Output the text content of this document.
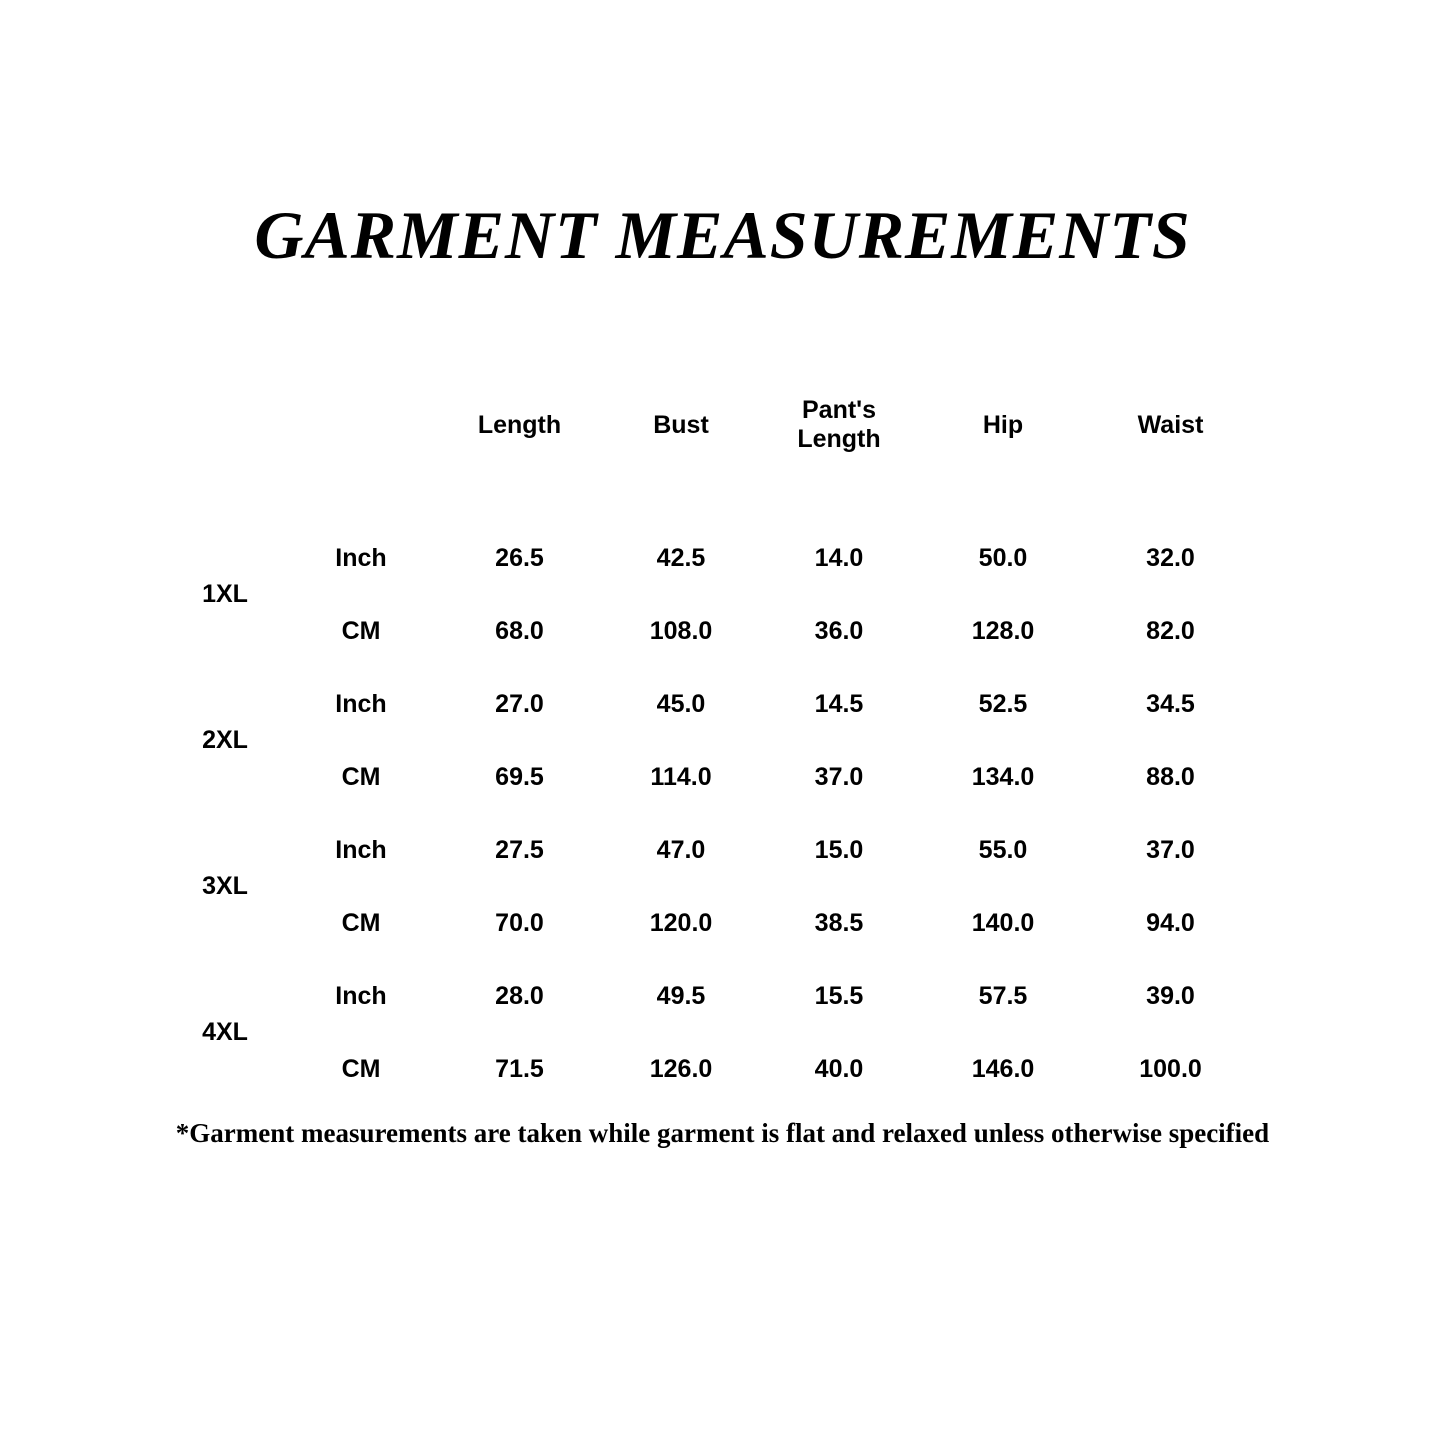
GARMENT MEASUREMENTS
Unit: $\frac{\text{Inch}}{CM}$		Length	Bust	Pant's Length	Hip	Waist
1XL	Inch	26.5	42.5	14.0	50.0	32.0
	CM	68.0	108.0	36.0	128.0	82.0
2XL	Inch	27.0	45.0	14.5	52.5	34.5
	CM	69.5	114.0	37.0	134.0	88.0
3XL	Inch	27.5	47.0	15.0	55.0	37.0
	CM	70.0	120.0	38.5	140.0	94.0
4XL	Inch	28.0	49.5	15.5	57.5	39.0
	CM	71.5	126.0	40.0	146.0	100.0
*Garment measurements are taken while garment is flat and relaxed unless otherwise specified
